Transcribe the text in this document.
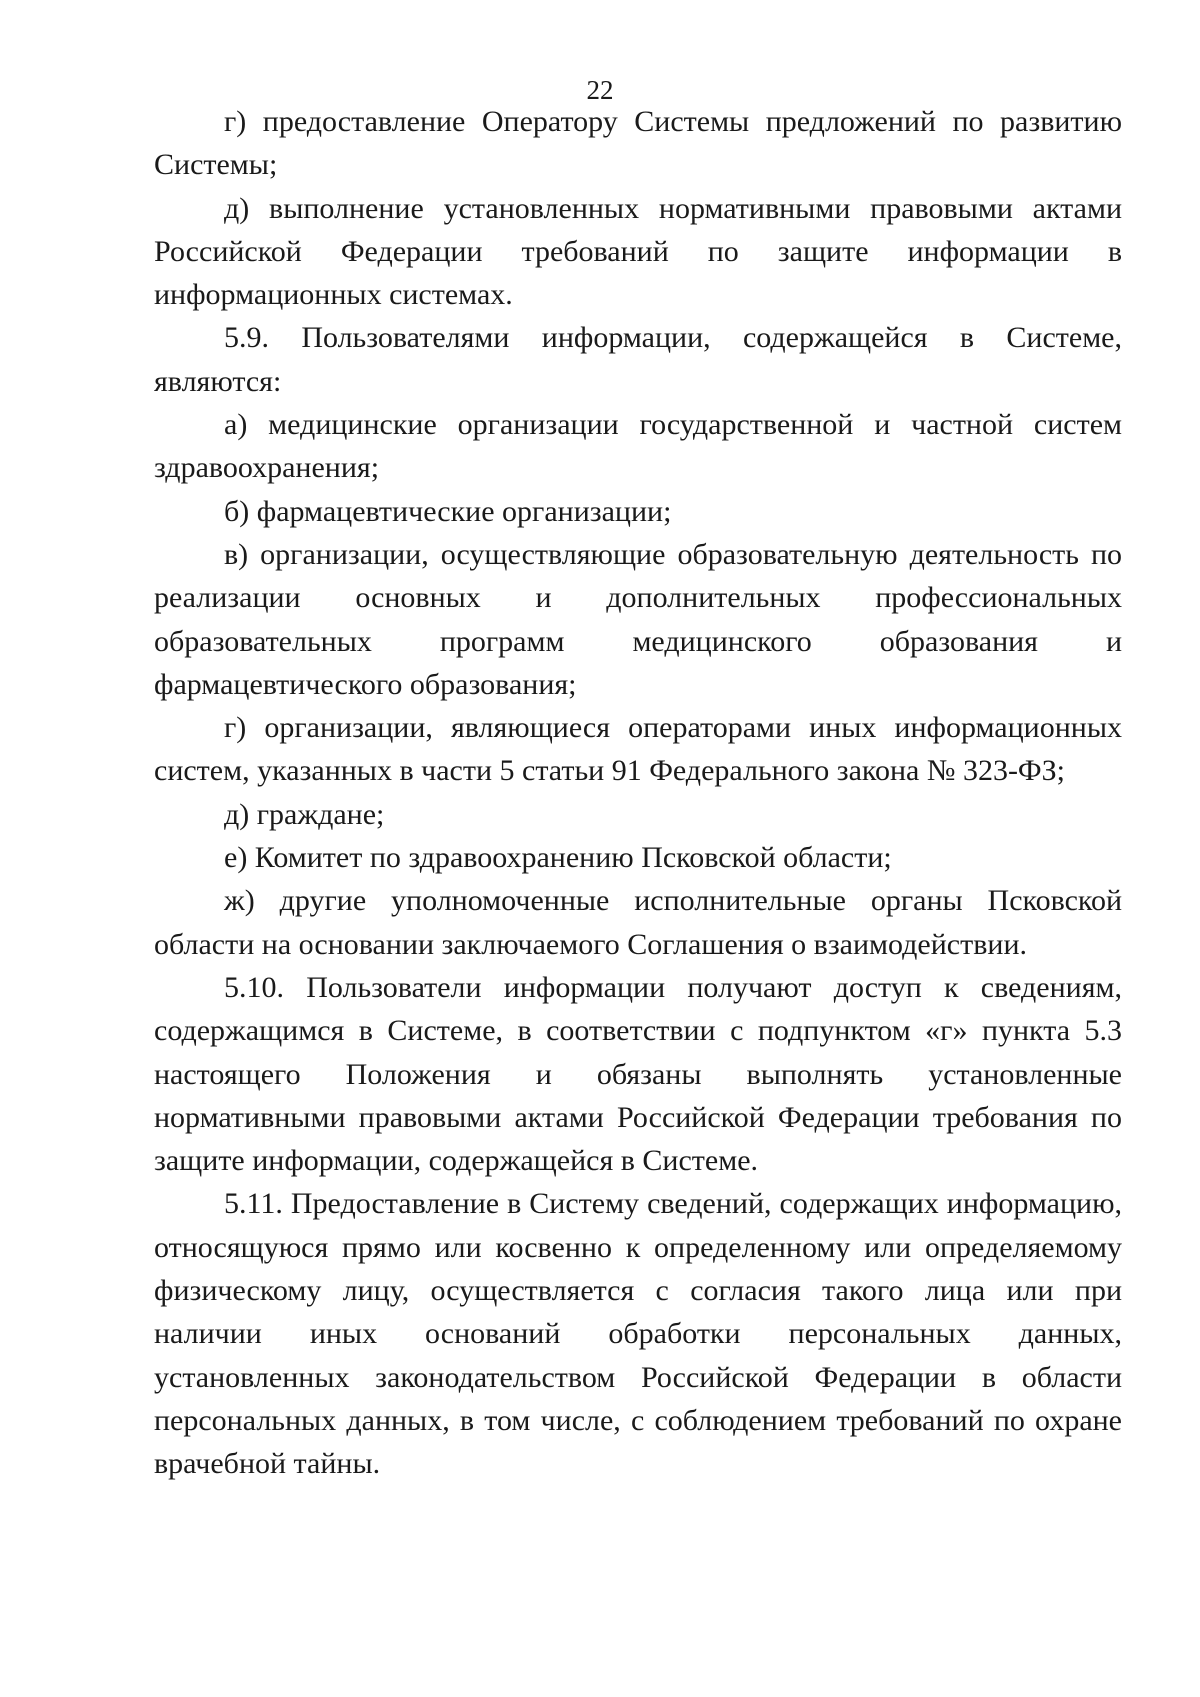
22

г) предоставление Оператору Системы предложений по развитию Системы;

д) выполнение установленных нормативными правовыми актами Российской Федерации требований по защите информации в информационных системах.

5.9. Пользователями информации, содержащейся в Системе, являются:

а) медицинские организации государственной и частной систем здравоохранения;

б) фармацевтические организации;

в) организации, осуществляющие образовательную деятельность по реализации основных и дополнительных профессиональных образовательных программ медицинского образования и фармацевтического образования;

г) организации, являющиеся операторами иных информационных систем, указанных в части 5 статьи 91 Федерального закона № 323-ФЗ;

д) граждане;

е) Комитет по здравоохранению Псковской области;

ж) другие уполномоченные исполнительные органы Псковской области на основании заключаемого Соглашения о взаимодействии.

5.10. Пользователи информации получают доступ к сведениям, содержащимся в Системе, в соответствии с подпунктом «г» пункта 5.3 настоящего Положения и обязаны выполнять установленные нормативными правовыми актами Российской Федерации требования по защите информации, содержащейся в Системе.

5.11. Предоставление в Систему сведений, содержащих информацию, относящуюся прямо или косвенно к определенному или определяемому физическому лицу, осуществляется с согласия такого лица или при наличии иных оснований обработки персональных данных, установленных законодательством Российской Федерации в области персональных данных, в том числе, с соблюдением требований по охране врачебной тайны.
